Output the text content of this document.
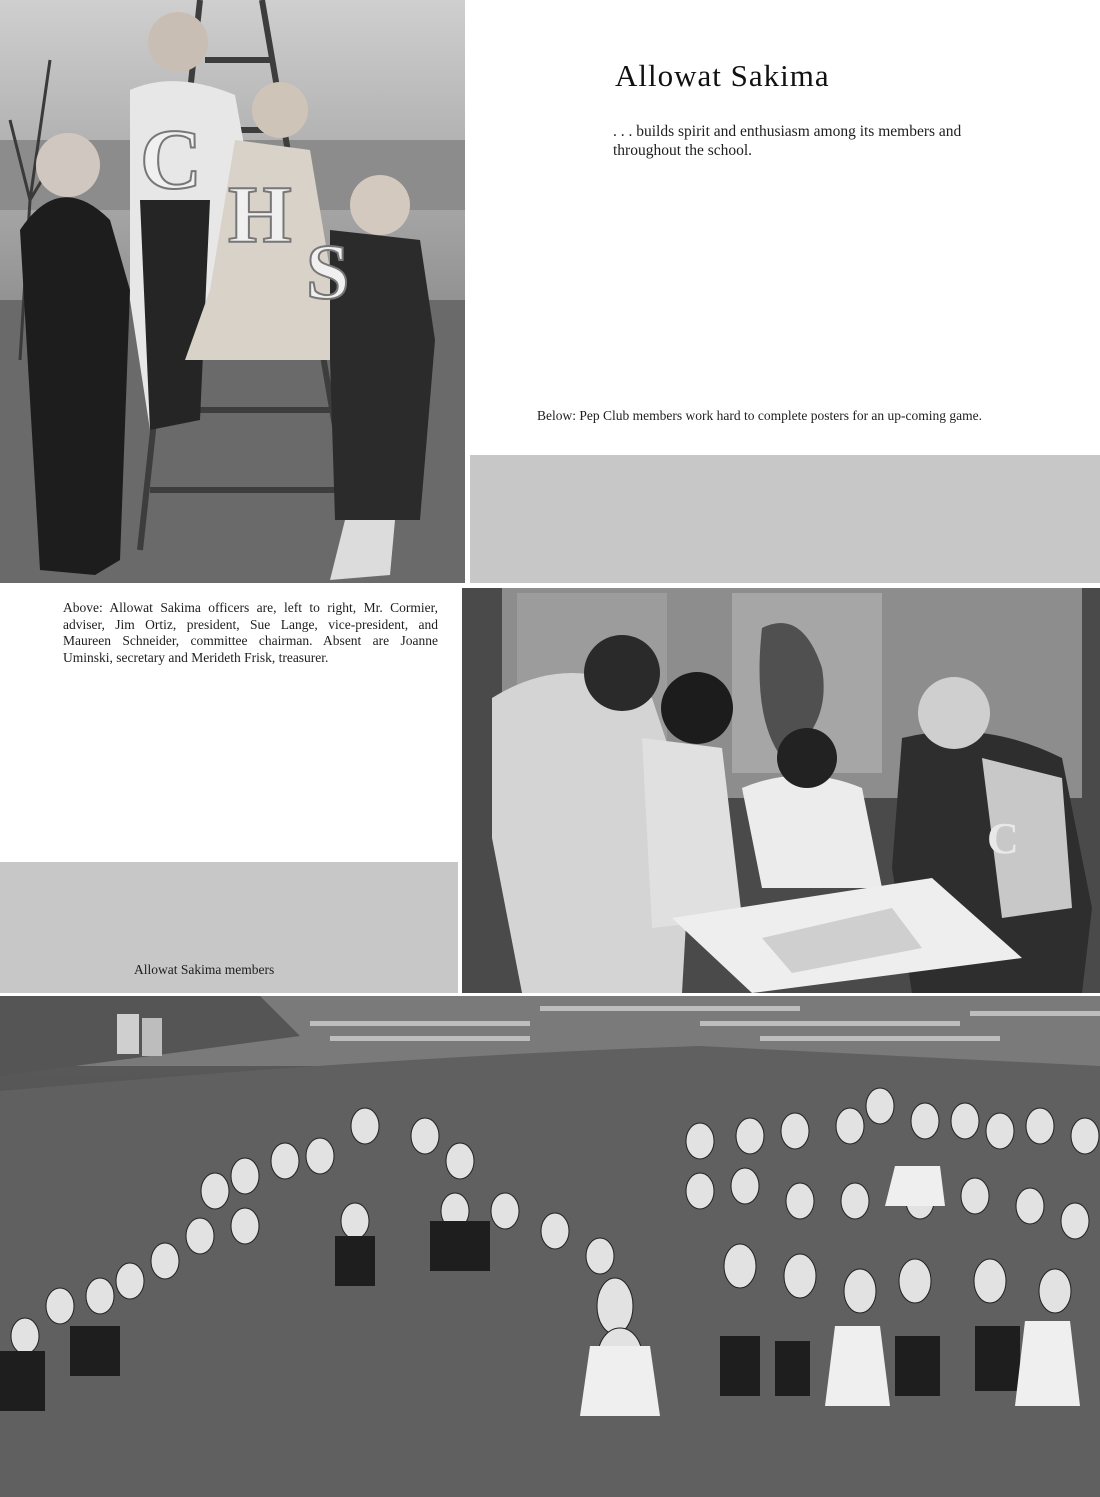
C
H
S
Allowat Sakima
. . . builds spirit and enthusiasm among its members and throughout the school.
Below: Pep Club members work hard to complete posters for an up-coming game.
Above: Allowat Sakima officers are, left to right, Mr. Cormier, adviser, Jim Ortiz, president, Sue Lange, vice-president, and Maureen Schneider, committee chairman. Absent are Joanne Uminski, secretary and Merideth Frisk, treasurer.
Allowat Sakima members
C
